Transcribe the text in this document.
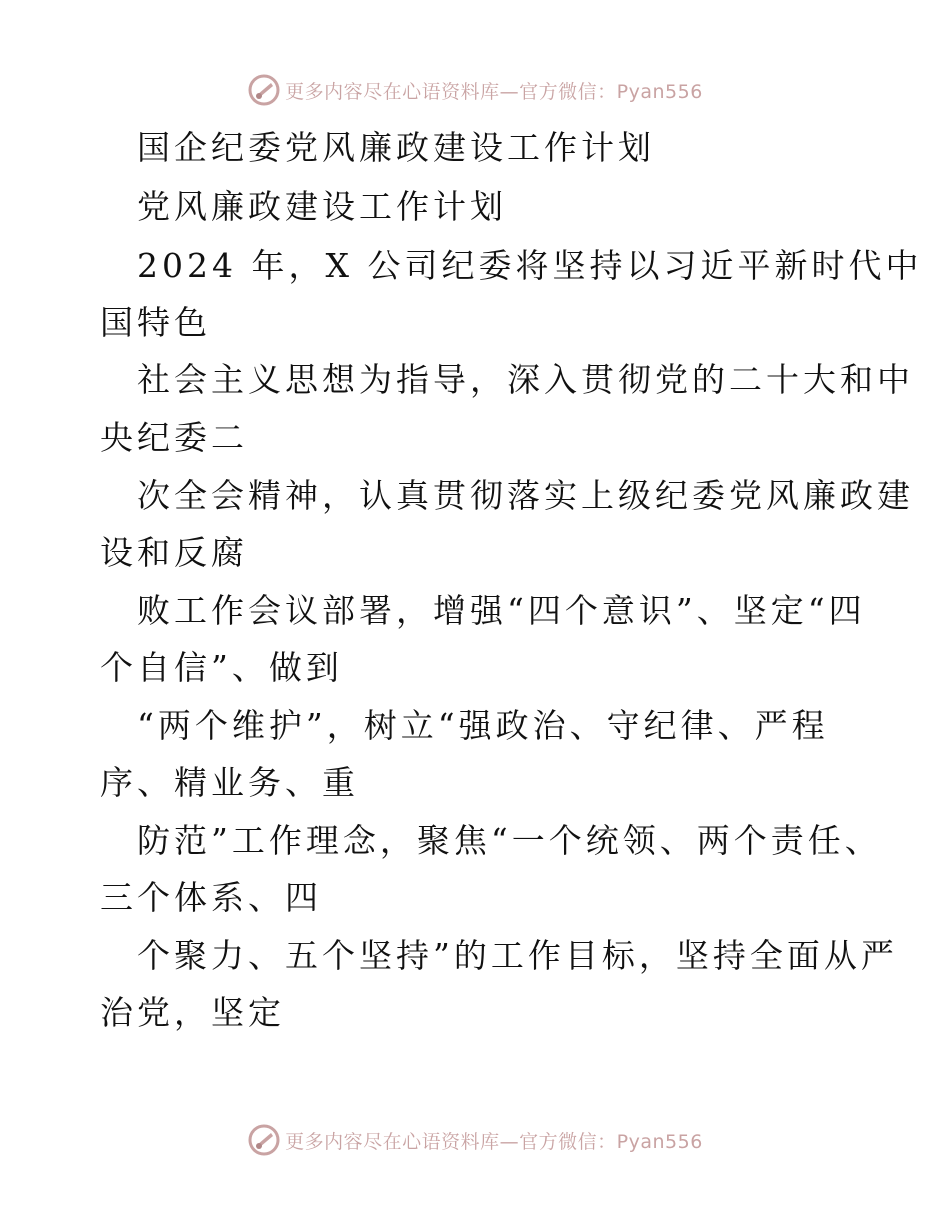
更多内容尽在心语资料库—官方微信：Pyan556
国企纪委党风廉政建设工作计划
党风廉政建设工作计划
2024 年，X 公司纪委将坚持以习近平新时代中
国特色
社会主义思想为指导，深入贯彻党的二十大和中
央纪委二
次全会精神，认真贯彻落实上级纪委党风廉政建
设和反腐
败工作会议部署，增强“四个意识”、坚定“四
个自信”、做到
“两个维护”，树立“强政治、守纪律、严程
序、精业务、重
防范”工作理念，聚焦“一个统领、两个责任、
三个体系、四
个聚力、五个坚持”的工作目标，坚持全面从严
治党，坚定
更多内容尽在心语资料库—官方微信：Pyan556
